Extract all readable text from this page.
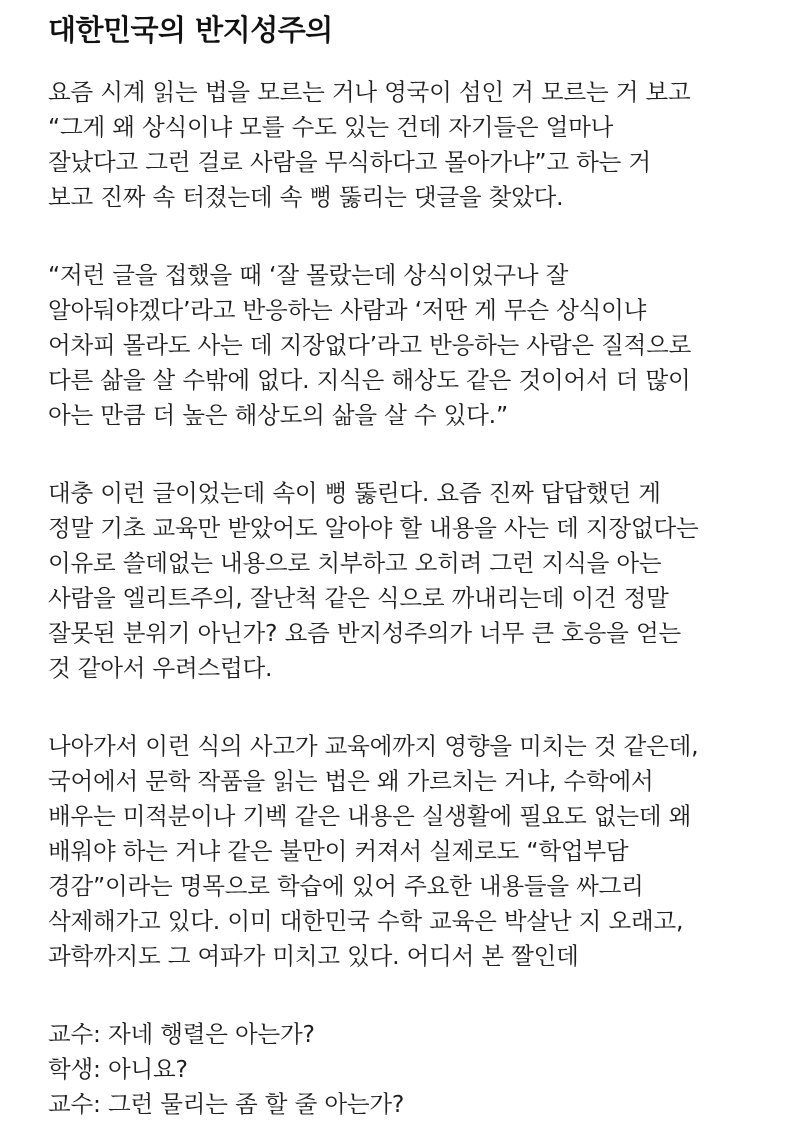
대한민국의 반지성주의
요즘 시계 읽는 법을 모르는 거나 영국이 섬인 거 모르는 거 보고
“그게 왜 상식이냐 모를 수도 있는 건데 자기들은 얼마나
잘났다고 그런 걸로 사람을 무식하다고 몰아가냐”고 하는 거
보고 진짜 속 터졌는데 속 뻥 뚫리는 댓글을 찾았다.
“저런 글을 접했을 때 ‘잘 몰랐는데 상식이었구나 잘
알아둬야겠다’라고 반응하는 사람과 ‘저딴 게 무슨 상식이냐
어차피 몰라도 사는 데 지장없다’라고 반응하는 사람은 질적으로
다른 삶을 살 수밖에 없다. 지식은 해상도 같은 것이어서 더 많이
아는 만큼 더 높은 해상도의 삶을 살 수 있다.”
대충 이런 글이었는데 속이 뻥 뚫린다. 요즘 진짜 답답했던 게
정말 기초 교육만 받았어도 알아야 할 내용을 사는 데 지장없다는
이유로 쓸데없는 내용으로 치부하고 오히려 그런 지식을 아는
사람을 엘리트주의, 잘난척 같은 식으로 까내리는데 이건 정말
잘못된 분위기 아닌가? 요즘 반지성주의가 너무 큰 호응을 얻는
것 같아서 우려스럽다.
나아가서 이런 식의 사고가 교육에까지 영향을 미치는 것 같은데,
국어에서 문학 작품을 읽는 법은 왜 가르치는 거냐, 수학에서
배우는 미적분이나 기벡 같은 내용은 실생활에 필요도 없는데 왜
배워야 하는 거냐 같은 불만이 커져서 실제로도 “학업부담
경감”이라는 명목으로 학습에 있어 주요한 내용들을 싸그리
삭제해가고 있다. 이미 대한민국 수학 교육은 박살난 지 오래고,
과학까지도 그 여파가 미치고 있다. 어디서 본 짤인데
교수: 자네 행렬은 아는가?
학생: 아니요?
교수: 그런 물리는 좀 할 줄 아는가?
